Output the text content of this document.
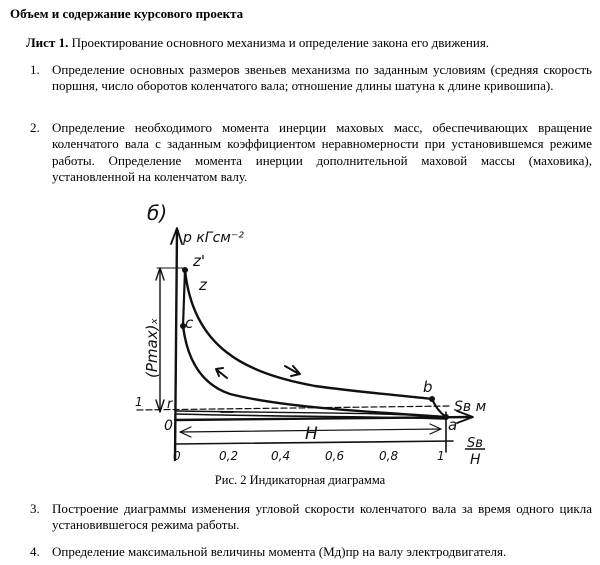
Объем и содержание курсового проекта
Лист 1. Проектирование основного механизма и определение закона его движения.
1. Определение основных размеров звеньев механизма по заданным условиям (средняя скорость поршня, число оборотов коленчатого вала; отношение длины шатуна к длине кривошипа).
2. Определение необходимого момента инерции маховых масс, обеспечивающих вращение коленчатого вала с заданным коэффициентом неравномерности при установившемся режиме работы. Определение момента инерции дополнительной маховой массы (маховика), установленной на коленчатом валу.
б)
p кГсм⁻²
z'
z
c
b
a
r
0
1	Sв м
H	Sв
H
(Pmax)ₓ
0	0,2	0,4	0,6	0,8	1
Рис. 2 Индикаторная диаграмма
3. Построение диаграммы изменения угловой скорости коленчатого вала за время одного цикла установившегося режима работы.
4. Определение максимальной величины момента (Mд)пр на валу электродвигателя.
